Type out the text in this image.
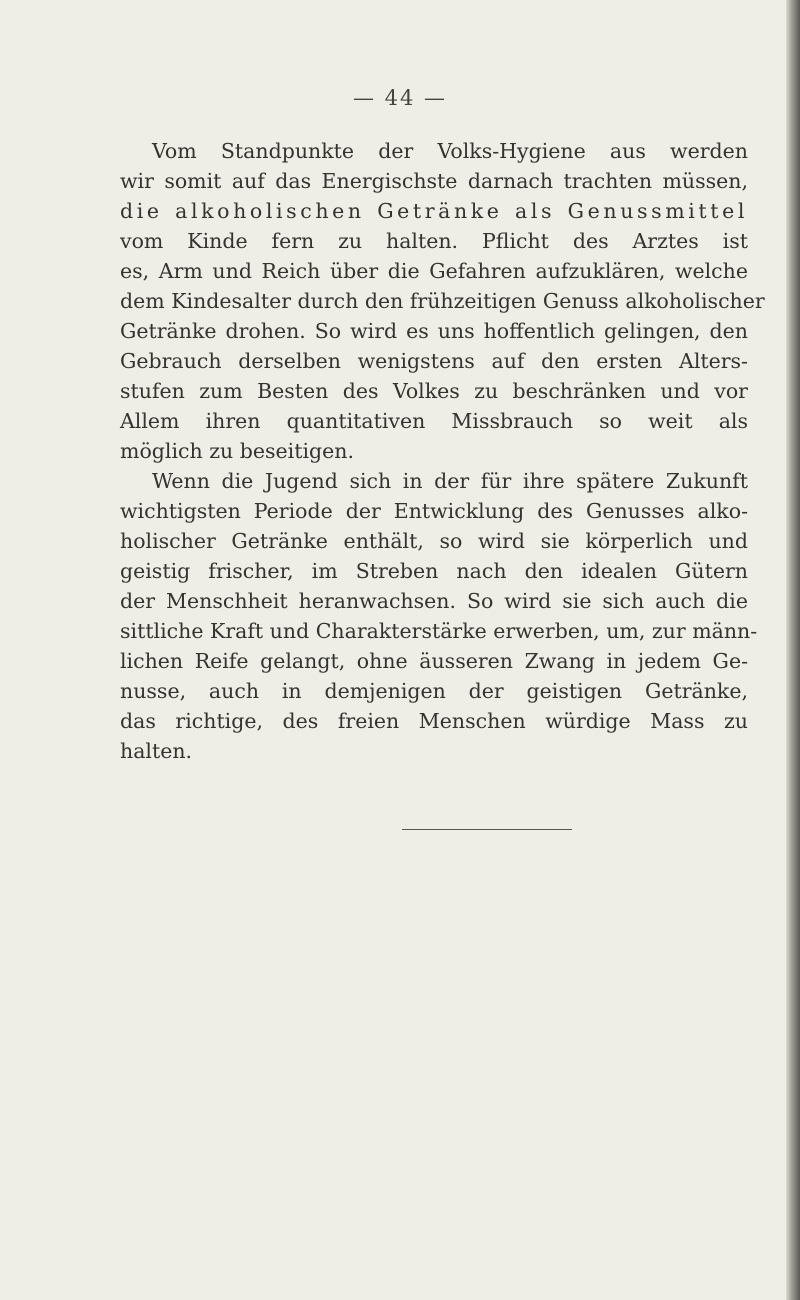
— 44 —
Vom Standpunkte der Volks-Hygiene aus werden
wir somit auf das Energischste darnach trachten müssen,
die alkoholischen Getränke als Genussmittel
vom Kinde fern zu halten. Pflicht des Arztes ist
es, Arm und Reich über die Gefahren aufzuklären, welche
dem Kindesalter durch den frühzeitigen Genuss alkoholischer
Getränke drohen. So wird es uns hoffentlich gelingen, den
Gebrauch derselben wenigstens auf den ersten Alters-
stufen zum Besten des Volkes zu beschränken und vor
Allem ihren quantitativen Missbrauch so weit als
möglich zu beseitigen.
Wenn die Jugend sich in der für ihre spätere Zukunft
wichtigsten Periode der Entwicklung des Genusses alko-
holischer Getränke enthält, so wird sie körperlich und
geistig frischer, im Streben nach den idealen Gütern
der Menschheit heranwachsen. So wird sie sich auch die
sittliche Kraft und Charakterstärke erwerben, um, zur männ-
lichen Reife gelangt, ohne äusseren Zwang in jedem Ge-
nusse, auch in demjenigen der geistigen Getränke,
das richtige, des freien Menschen würdige Mass zu
halten.
